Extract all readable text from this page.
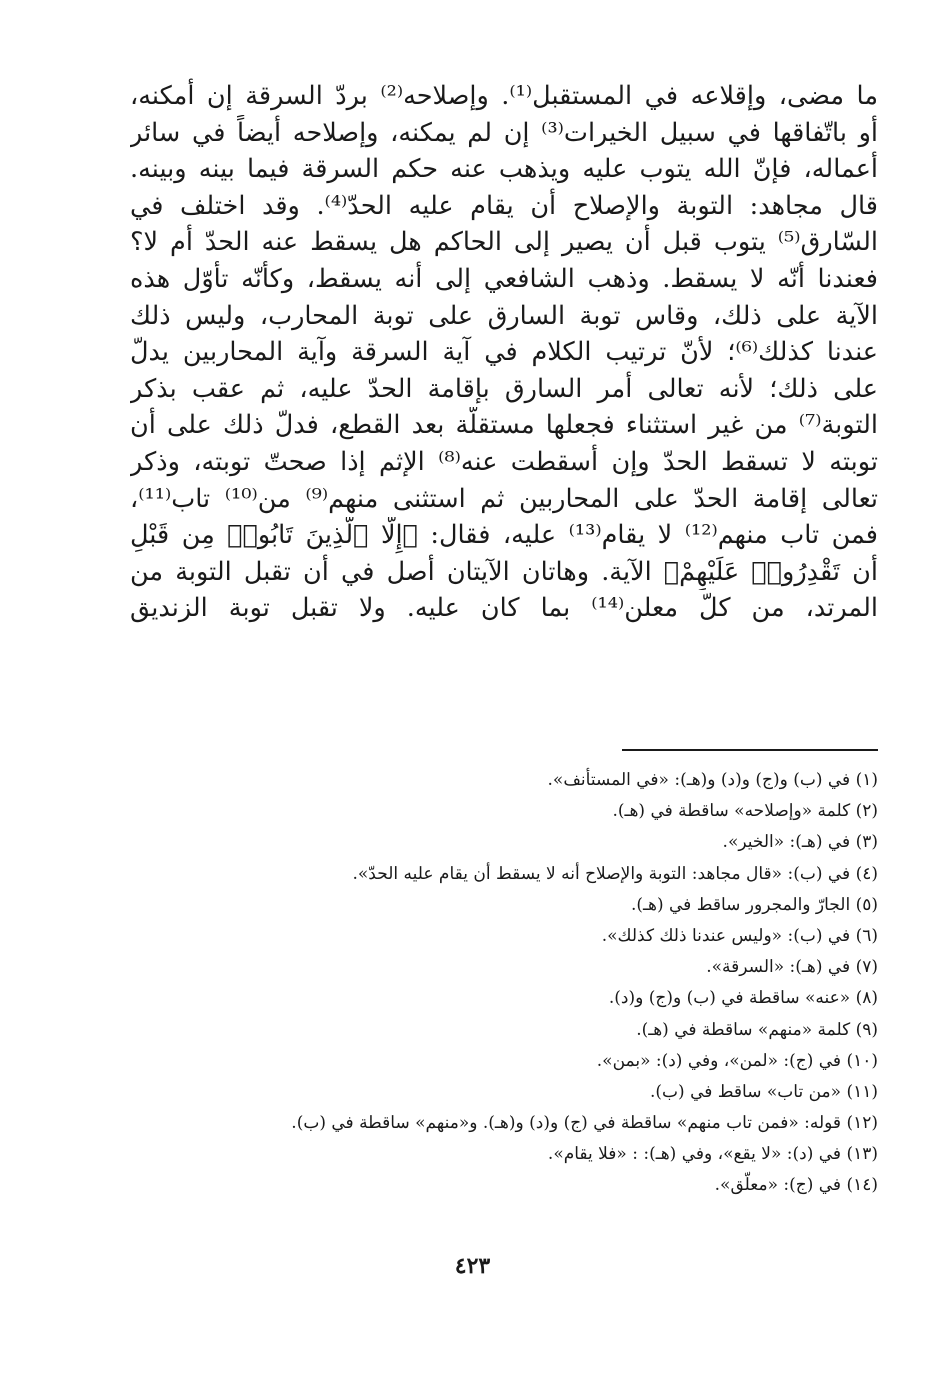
ما مضى، وإقلاعه في المستقبل⁽¹⁾. وإصلاحه⁽²⁾ بردّ السرقة إن أمكنه،
أو باتّفاقها في سبيل الخيرات⁽³⁾ إن لم يمكنه، وإصلاحه أيضاً في سائر
أعماله، فإنّ الله يتوب عليه ويذهب عنه حكم السرقة فيما بينه وبينه.
قال مجاهد: التوبة والإصلاح أن يقام عليه الحدّ⁽⁴⁾. وقد اختلف في
السّارق⁽⁵⁾ يتوب قبل أن يصير إلى الحاكم هل يسقط عنه الحدّ أم لا؟
فعندنا أنّه لا يسقط. وذهب الشافعي إلى أنه يسقط، وكأنّه تأوّل هذه
الآية على ذلك، وقاس توبة السارق على توبة المحارب، وليس ذلك
عندنا كذلك⁽⁶⁾؛ لأنّ ترتيب الكلام في آية السرقة وآية المحاربين يدلّ
على ذلك؛ لأنه تعالى أمر السارق بإقامة الحدّ عليه، ثم عقب بذكر
التوبة⁽⁷⁾ من غير استثناء فجعلها مستقلّة بعد القطع، فدلّ ذلك على أن
توبته لا تسقط الحدّ وإن أسقطت عنه⁽⁸⁾ الإثم إذا صحتّ توبته، وذكر
تعالى إقامة الحدّ على المحاربين ثم استثنى منهم⁽⁹⁾ من⁽¹⁰⁾ تاب⁽¹¹⁾،
فمن تاب منهم⁽¹²⁾ لا يقام⁽¹³⁾ عليه، فقال: ﴿إِلَّا ٱلَّذِينَ تَابُوا۟ مِن قَبْلِ
أَن تَقْدِرُوا۟ عَلَيْهِمْ﴾ الآية. وهاتان الآيتان أصل في أن تقبل التوبة من
المرتد، من كلّ معلن⁽¹⁴⁾ بما كان عليه. ولا تقبل توبة الزنديق
(١) في (ب) و(ج) و(د) و(هـ): «في المستأنف».
(٢) كلمة «وإصلاحه» ساقطة في (هـ).
(٣) في (هـ): «الخير».
(٤) في (ب): «قال مجاهد: التوبة والإصلاح أنه لا يسقط أن يقام عليه الحدّ».
(٥) الجارّ والمجرور ساقط في (هـ).
(٦) في (ب): «وليس عندنا ذلك كذلك».
(٧) في (هـ): «السرقة».
(٨) «عنه» ساقطة في (ب) و(ج) و(د).
(٩) كلمة «منهم» ساقطة في (هـ).
(١٠) في (ج): «لمن»، وفي (د): «بمن».
(١١) «من تاب» ساقط في (ب).
(١٢) قوله: «فمن تاب منهم» ساقطة في (ج) و(د) و(هـ). و«منهم» ساقطة في (ب).
(١٣) في (د): «لا يقع»، وفي (هـ): : «فلا يقام».
(١٤) في (ج): «معلّق».
٤٢٣
